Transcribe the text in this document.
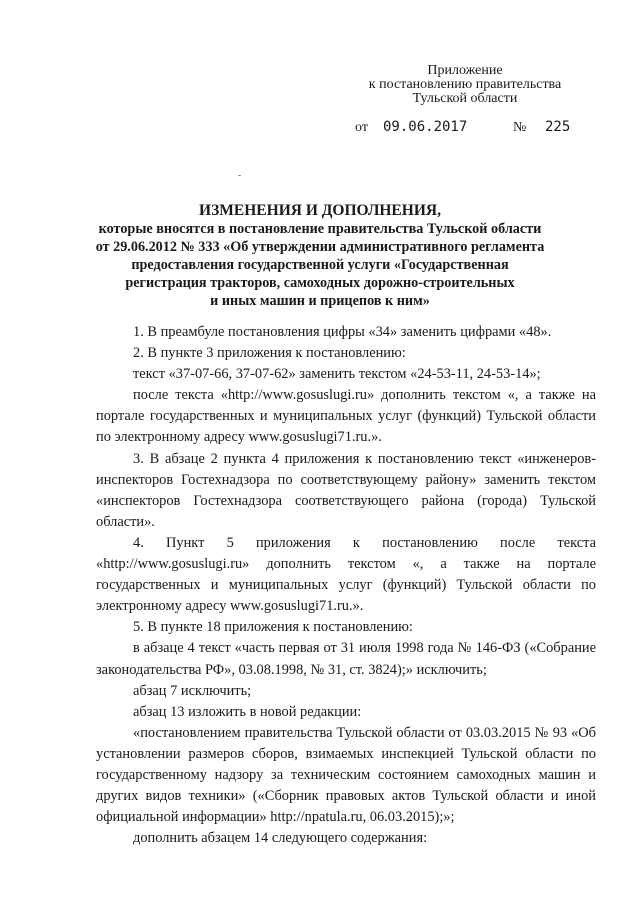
Приложение
к постановлению правительства
Тульской области
от 09.06.2017	№ 225
ИЗМЕНЕНИЯ И ДОПОЛНЕНИЯ,
которые вносятся в постановление правительства Тульской области
от 29.06.2012 № 333 «Об утверждении административного регламента
предоставления государственной услуги «Государственная
регистрация тракторов, самоходных дорожно-строительных
и иных машин и прицепов к ним»

1. В преамбуле постановления цифры «34» заменить цифрами «48».

2. В пункте 3 приложения к постановлению:

текст «37-07-66, 37-07-62» заменить текстом «24-53-11, 24-53-14»;

после текста «http://www.gosuslugi.ru» дополнить текстом «, а также на портале государственных и муниципальных услуг (функций) Тульской области по электронному адресу www.gosuslugi71.ru.».

3. В абзаце 2 пункта 4 приложения к постановлению текст «инженеров-инспекторов Гостехнадзора по соответствующему району» заменить текстом «инспекторов Гостехнадзора соответствующего района (города) Тульской области».

4. Пункт 5 приложения к постановлению после текста «http://www.gosuslugi.ru» дополнить текстом «, а также на портале государственных и муниципальных услуг (функций) Тульской области по электронному адресу www.gosuslugi71.ru.».

5. В пункте 18 приложения к постановлению:

в абзаце 4 текст «часть первая от 31 июля 1998 года № 146-ФЗ («Собрание законодательства РФ», 03.08.1998, № 31, ст. 3824);» исключить;

абзац 7 исключить;

абзац 13 изложить в новой редакции:

«постановлением правительства Тульской области от 03.03.2015 № 93 «Об установлении размеров сборов, взимаемых инспекцией Тульской области по государственному надзору за техническим состоянием самоходных машин и других видов техники» («Сборник правовых актов Тульской области и иной официальной информации» http://npatula.ru, 06.03.2015);»;

дополнить абзацем 14 следующего содержания:
